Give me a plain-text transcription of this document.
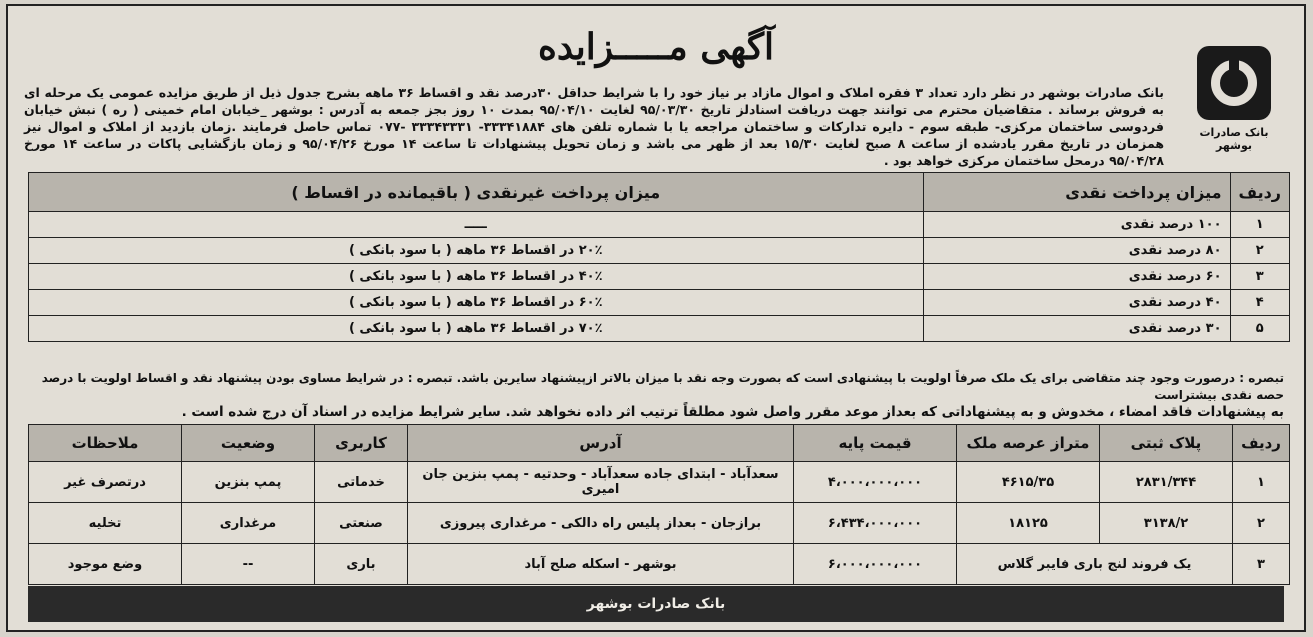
بانک صادرات بوشهر
آگهی مـــــزایده
بانک صادرات بوشهر در نظر دارد تعداد ۳ فقره املاک و اموال مازاد بر نیاز خود را با شرایط حداقل ۳۰درصد نقد و اقساط ۳۶ ماهه بشرح جدول ذیل از طریق مزایده عمومی یک مرحله ای به فروش برساند . متقاضیان محترم می توانند جهت دریافت اسنادلز تاریخ ۹۵/۰۳/۳۰ لغایت ۹۵/۰۴/۱۰ بمدت ۱۰ روز بجز جمعه به آدرس : بوشهر _خیابان امام خمینی ( ره ) نبش خیابان فردوسی ساختمان مرکزی- طبقه سوم - دایره تدارکات و ساختمان مراجعه یا با شماره تلفن های ۳۳۳۴۱۸۸۴- ۳۳۳۴۳۳۳۱ -۰۷۷ تماس حاصل فرمایند .زمان بازدید از املاک و اموال نیز همزمان در تاریخ مقرر یادشده از ساعت ۸ صبح لغایت ۱۵/۳۰ بعد از ظهر می باشد و زمان تحویل پیشنهادات تا ساعت ۱۴ مورخ ۹۵/۰۴/۲۶ و زمان بازگشایی پاکات در ساعت ۱۴ مورخ ۹۵/۰۴/۲۸ درمحل ساختمان مرکزی خواهد بود .
ردیف	میزان پرداخت نقدی	میزان پرداخت غیرنقدی ( باقیمانده در اقساط )
۱	۱۰۰ درصد نقدی	ـــــ
۲	۸۰ درصد نقدی	۲۰٪ در اقساط ۳۶ ماهه ( با سود بانکی )
۳	۶۰ درصد نقدی	۴۰٪ در اقساط ۳۶ ماهه ( با سود بانکی )
۴	۴۰ درصد نقدی	۶۰٪ در اقساط ۳۶ ماهه ( با سود بانکی )
۵	۳۰ درصد نقدی	۷۰٪ در اقساط ۳۶ ماهه ( با سود بانکی )
تبصره : درصورت وجود چند متقاضی برای یک ملک صرفاً اولویت با پیشنهادی است که بصورت وجه نقد با میزان بالاتر ازپیشنهاد سایرین باشد. تبصره : در شرایط مساوی بودن پیشنهاد نقد و اقساط اولویت با درصد حصه نقدی بیشتراست
به پیشنهادات فاقد امضاء ، مخدوش و به پیشنهاداتی که بعداز موعد مقرر واصل شود مطلقاً ترتیب اثر داده نخواهد شد. سایر شرایط مزایده در اسناد آن درج شده است .
ردیف	پلاک ثبتی	متراز عرصه ملک	قیمت پایه	آدرس	کاربری	وضعیت	ملاحظات
۱	۲۸۳۱/۳۴۴	۴۶۱۵/۳۵	۴،۰۰۰،۰۰۰،۰۰۰	سعدآباد - ابتدای جاده سعدآباد - وحدتیه - پمپ بنزین جان امیری	خدماتی	پمپ بنزین	درتصرف غیر
۲	۳۱۳۸/۲	۱۸۱۲۵	۶،۴۳۴،۰۰۰،۰۰۰	برازجان - بعداز پلیس راه دالکی - مرغداری پیروزی	صنعتی	مرغداری	تخلیه
۳	یک فروند لنج باری فایبر گلاس		۶،۰۰۰،۰۰۰،۰۰۰	بوشهر - اسکله صلح آباد	باری	--	وضع موجود
بانک صادرات بوشهر
